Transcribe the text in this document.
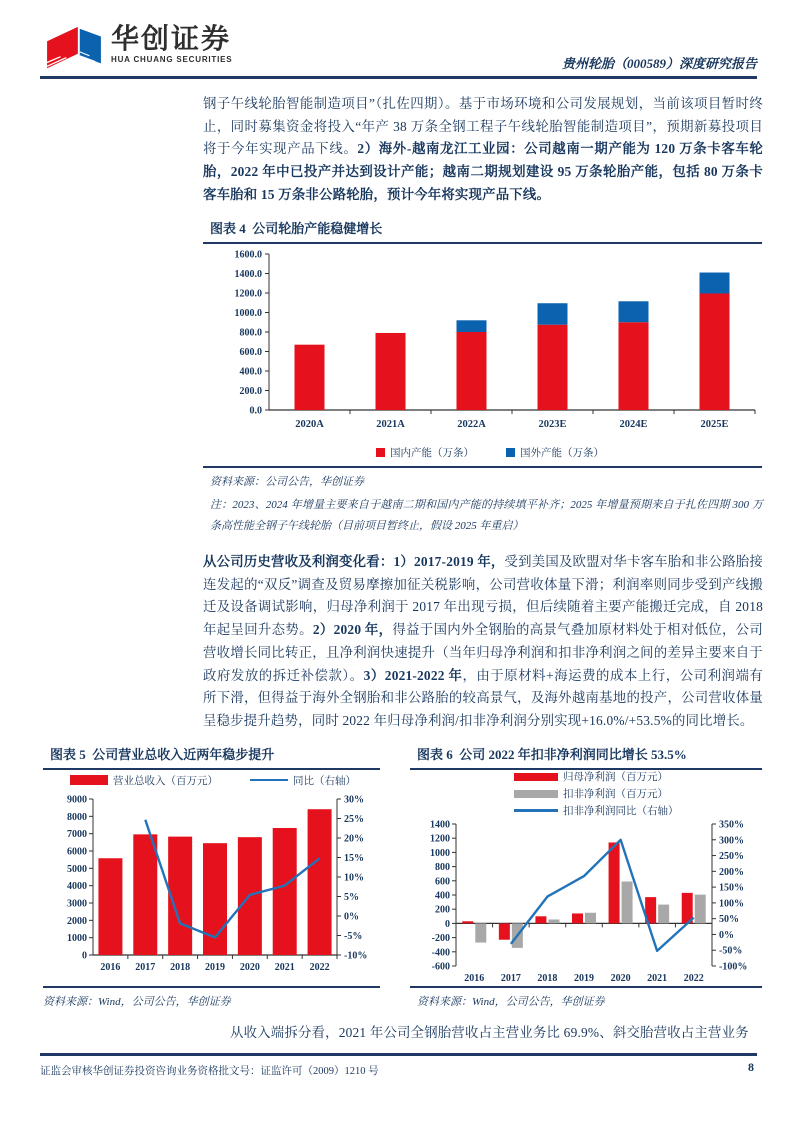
华创证券
HUA CHUANG SECURITIES	贵州轮胎（000589）深度研究报告

钢子午线轮胎智能制造项目”（扎佐四期）。基于市场环境和公司发展规划，当前该项目暂时终止，同时募集资金将投入“年产 38 万条全钢工程子午线轮胎智能制造项目”，预期新募投项目将于今年实现产品下线。2）海外-越南龙江工业园：公司越南一期产能为 120 万条卡客车轮胎，2022 年中已投产并达到设计产能；越南二期规划建设 95 万条轮胎产能，包括 80 万条卡客车胎和 15 万条非公路轮胎，预计今年将实现产品下线。

图表 4  公司轮胎产能稳健增长
0.0
200.0
400.0
600.0
800.0
1000.0
1200.0
1400.0
1600.0
2020A	2021A	2022A	2023E	2024E	2025E
国内产能（万条）	国外产能（万条）
资料来源：公司公告，华创证券
注：2023、2024 年增量主要来自于越南二期和国内产能的持续填平补齐；2025 年增量预期来自于扎佐四期 300 万条高性能全钢子午线轮胎（目前项目暂终止，假设 2025 年重启）

从公司历史营收及利润变化看：1）2017-2019 年，受到美国及欧盟对华卡客车胎和非公路胎接连发起的“双反”调查及贸易摩擦加征关税影响，公司营收体量下滑；利润率则同步受到产线搬迁及设备调试影响，归母净利润于 2017 年出现亏损，但后续随着主要产能搬迁完成，自 2018 年起呈回升态势。2）2020 年，得益于国内外全钢胎的高景气叠加原材料处于相对低位，公司营收增长同比转正，且净利润快速提升（当年归母净利润和扣非净利润之间的差异主要来自于政府发放的拆迁补偿款）。3）2021-2022 年，由于原材料+海运费的成本上行，公司利润端有所下滑，但得益于海外全钢胎和非公路胎的较高景气，及海外越南基地的投产，公司营收体量呈稳步提升趋势，同时 2022 年归母净利润/扣非净利润分别实现+16.0%/+53.5%的同比增长。

图表 5  公司营业总收入近两年稳步提升
营业总收入（百万元）	同比（右轴）
0
1000
2000
3000
4000
5000
6000
7000
8000
9000
-10%
-5%
0%
5%
10%
15%
20%
25%
30%
2016 2017 2018 2019 2020 2021 2022
资料来源：Wind，公司公告，华创证券
图表 6  公司 2022 年扣非净利润同比增长 53.5%
归母净利润（百万元）
扣非净利润（百万元）
扣非净利润同比（右轴）
-600
-400
-200
0
200
400
600
800
1000
1200
1400
-100%
-50%
0%
50%
100%
150%
200%
250%
300%
350%
2016 2017 2018 2019 2020 2021 2022
资料来源：Wind，公司公告，华创证券

从收入端拆分看，2021 年公司全钢胎营收占主营业务比 69.9%、斜交胎营收占主营业务

证监会审核华创证券投资咨询业务资格批文号：证监许可（2009）1210 号	8
